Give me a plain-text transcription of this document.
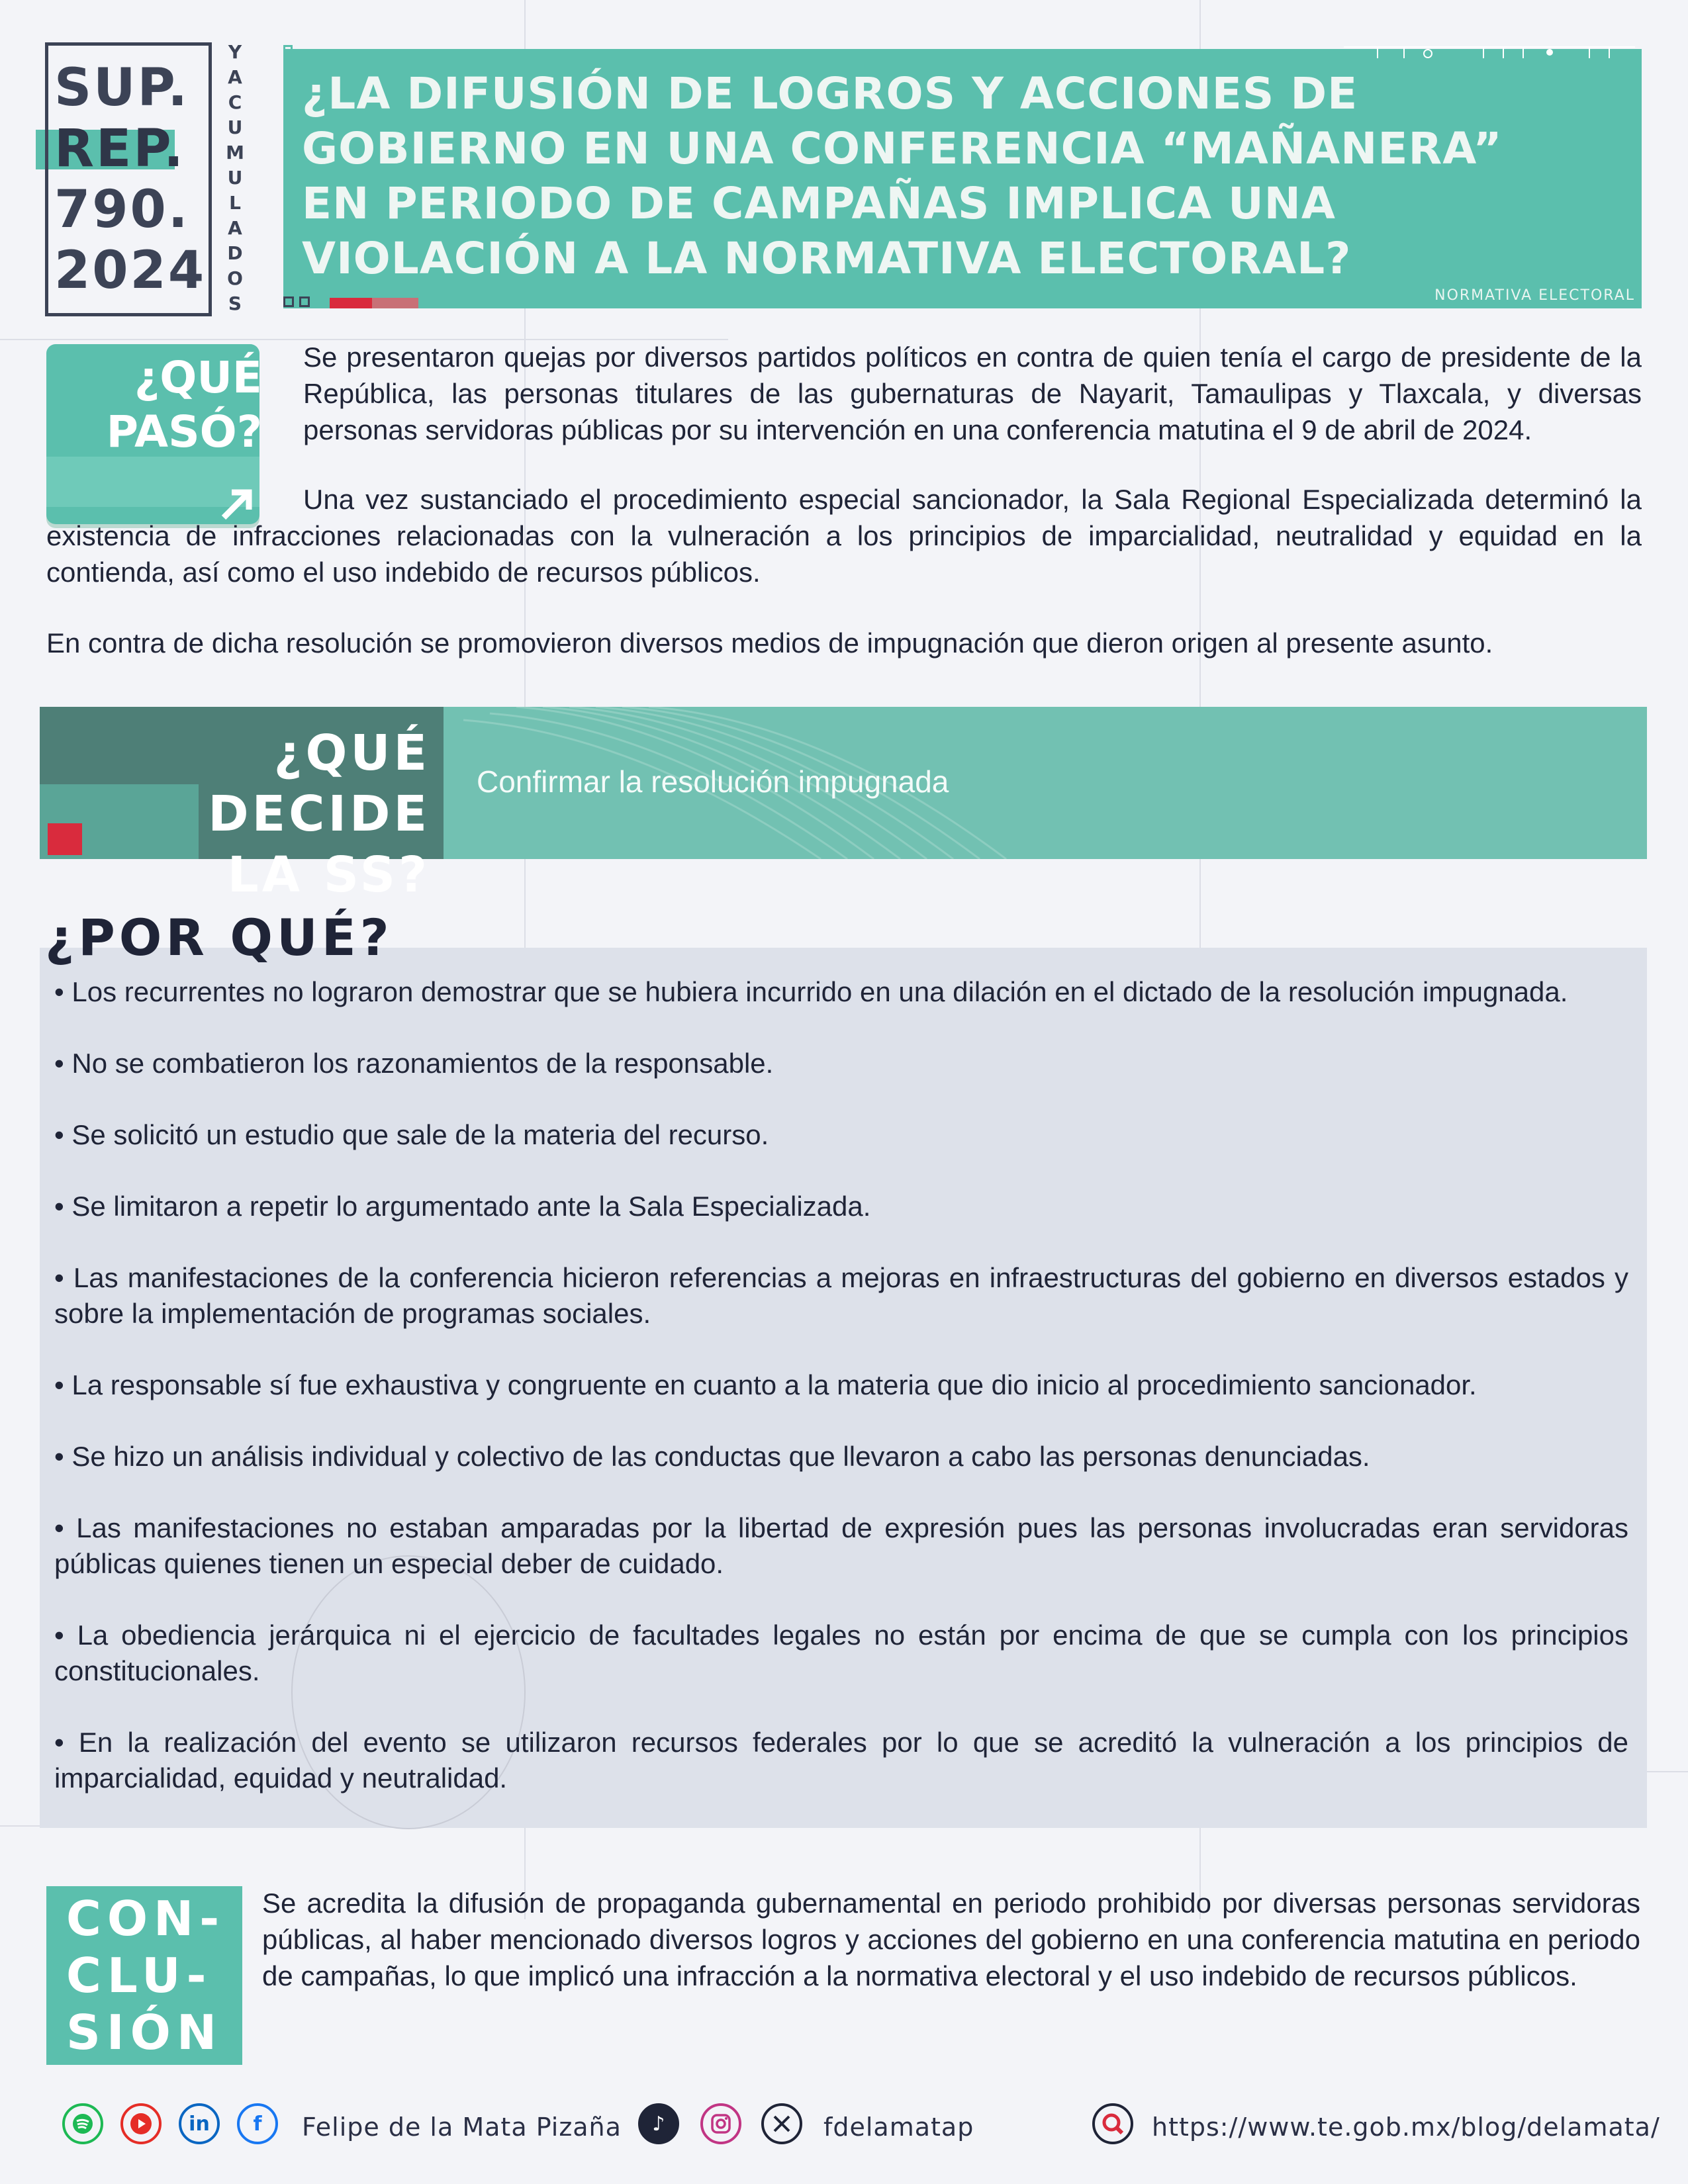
SUP.
REP.
790.
2024
Y
A
C
U
M
U
L
A
D
O
S
¿LA DIFUSIÓN DE LOGROS Y ACCIONES DE GOBIERNO EN UNA CONFERENCIA “MAÑANERA” EN PERIODO DE CAMPAÑAS IMPLICA UNA VIOLACIÓN A LA NORMATIVA ELECTORAL?
NORMATIVA ELECTORAL
¿QUÉ
PASÓ?
Se presentaron quejas por diversos partidos políticos en contra de quien tenía el cargo de presidente de la República, las personas titulares de las gubernaturas de Nayarit, Tamaulipas y Tlaxcala, y diversas personas servidoras públicas por su intervención en una conferencia matutina el 9 de abril de 2024.
Una vez sustanciado el procedimiento especial sancionador, la Sala Regional Especializada determinó la existencia de infracciones relacionadas con la vulneración a los principios de imparcialidad, neutralidad y equidad en la contienda, así como el uso indebido de recursos públicos.
En contra de dicha resolución se promovieron diversos medios de impugnación que dieron origen al presente asunto.
¿QUÉ DECIDE
LA SS?
Confirmar la resolución impugnada
¿POR QUÉ?
• Los recurrentes no lograron demostrar que se hubiera incurrido en una dilación en el dictado de la resolución impugnada.
• No se combatieron los razonamientos de la responsable.
• Se solicitó un estudio que sale de la materia del recurso.
• Se limitaron a repetir lo argumentado ante la Sala Especializada.
• Las manifestaciones de la conferencia hicieron referencias a mejoras en infraestructuras del gobierno en diversos estados y sobre la implementación de programas sociales.
• La responsable sí fue exhaustiva y congruente en cuanto a la materia que dio inicio al procedimiento sancionador.
• Se hizo un análisis individual y colectivo de las conductas que llevaron a cabo las personas denunciadas.
• Las manifestaciones no estaban amparadas por la libertad de expresión pues las personas involucradas eran servidoras públicas quienes tienen un especial deber de cuidado.
• La obediencia jerárquica ni el ejercicio de facultades legales no están por encima de que se cumpla con los principios constitucionales.
• En la realización del evento se utilizaron recursos federales por lo que se acreditó la vulneración a los principios de imparcialidad, equidad y neutralidad.
CON-
CLU-
SIÓN
Se acredita la difusión de propaganda gubernamental en periodo prohibido por diversas personas servidoras públicas, al haber mencionado diversos logros y acciones del gobierno en una conferencia matutina en periodo de campañas, lo que implicó una infracción a la normativa electoral y el uso indebido de recursos públicos.
in	f	Felipe de la Mata Pizaña	♪	fdelamatap	https://www.te.gob.mx/blog/delamata/
